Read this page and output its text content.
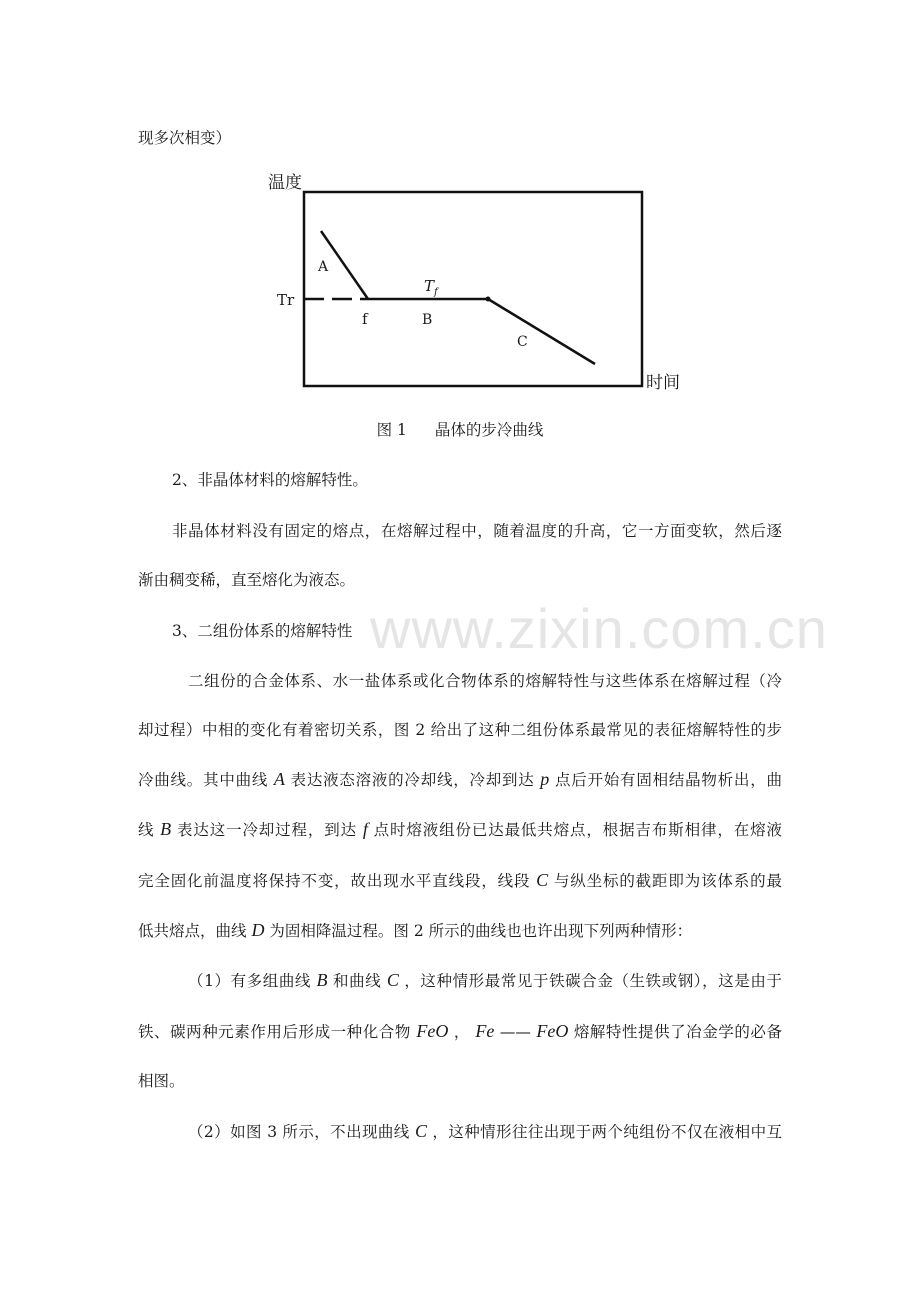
现多次相变）

温度
时间
Tr
A
f	B
C
$T_f$
图 1 晶体的步冷曲线

2、非晶体材料的熔解特性。

非晶体材料没有固定的熔点，在熔解过程中，随着温度的升高，它一方面变软，然后逐

渐由稠变稀，直至熔化为液态。

3、二组份体系的熔解特性 www.zixin.com.cn

二组份的合金体系、水一盐体系或化合物体系的熔解特性与这些体系在熔解过程（冷

却过程）中相的变化有着密切关系，图 2 给出了这种二组份体系最常见的表征熔解特性的步

冷曲线。其中曲线 A 表达液态溶液的冷却线，冷却到达 p 点后开始有固相结晶物析出，曲

线 B 表达这一冷却过程，到达 f 点时熔液组份已达最低共熔点，根据吉布斯相律，在熔液

完全固化前温度将保持不变，故出现水平直线段，线段 C 与纵坐标的截距即为该体系的最

低共熔点，曲线 D 为固相降温过程。图 2 所示的曲线也也许出现下列两种情形：

（1）有多组曲线 B 和曲线 C ，这种情形最常见于铁碳合金（生铁或钢），这是由于

铁、碳两种元素作用后形成一种化合物 FeO ， Fe —— FeO 熔解特性提供了冶金学的必备

相图。

（2）如图 3 所示，不出现曲线 C ，这种情形往往出现于两个纯组份不仅在液相中互
